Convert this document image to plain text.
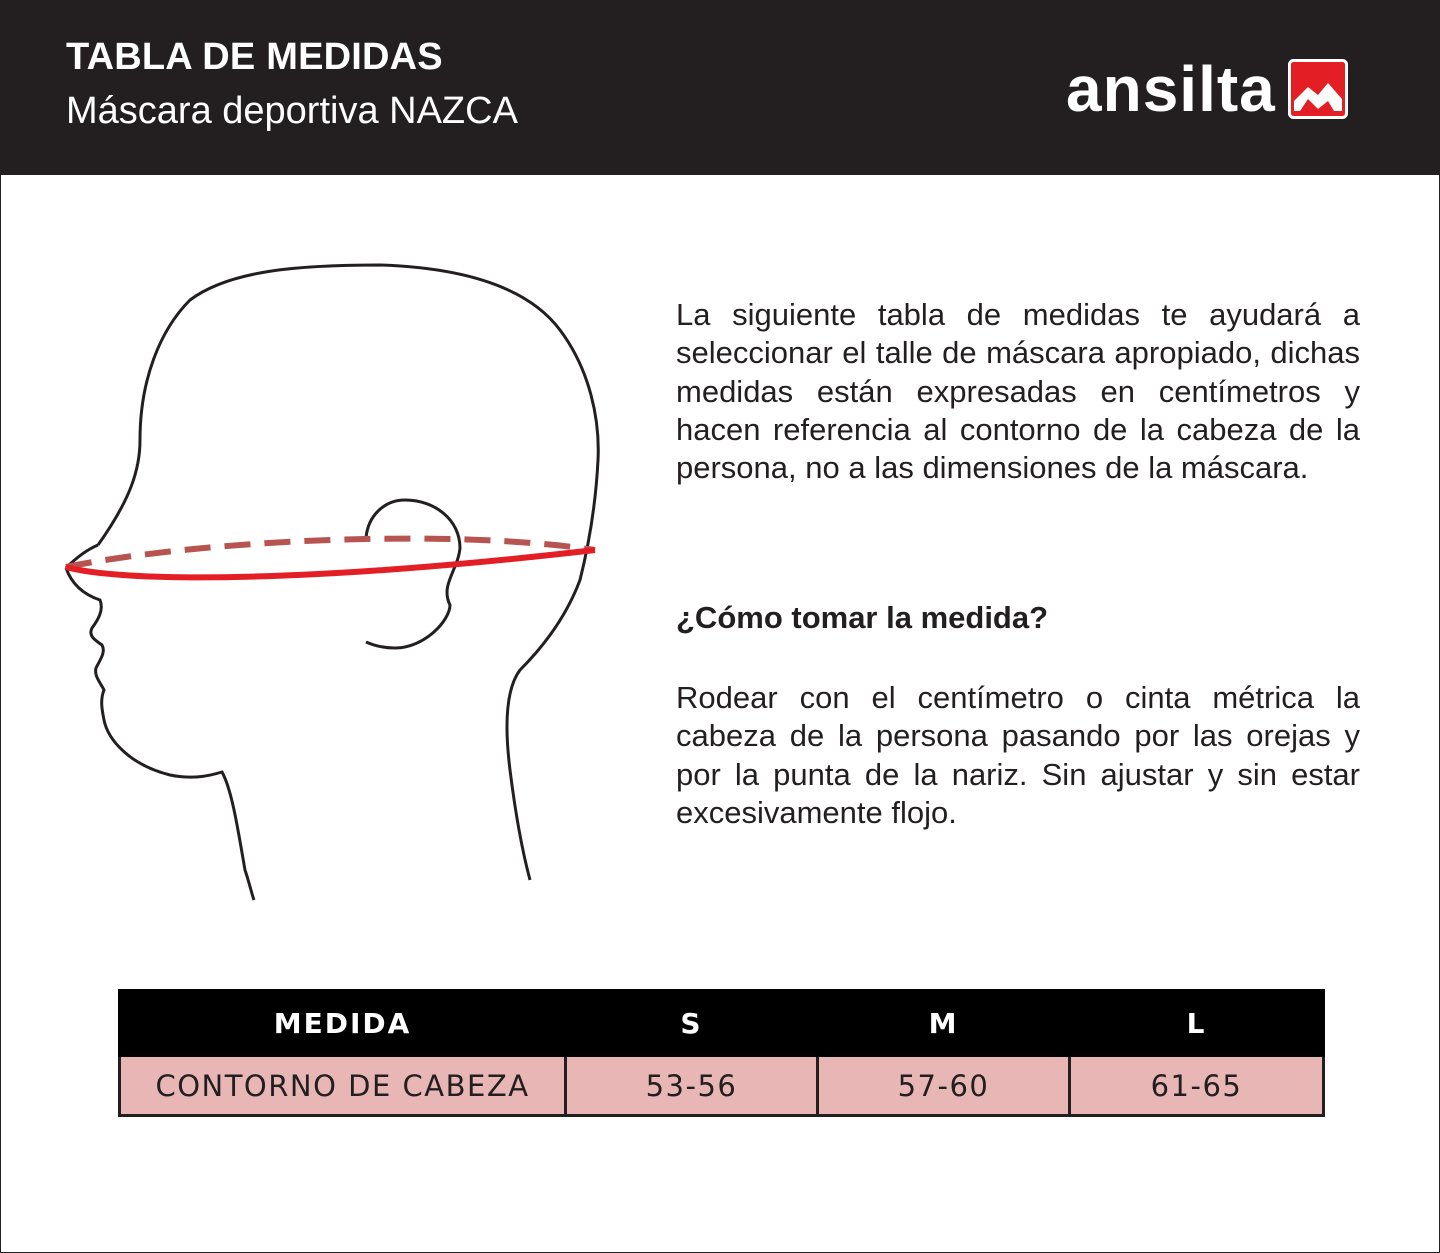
TABLA DE MEDIDAS
Máscara deportiva NAZCA	ansilta

La siguiente tabla de medidas te ayudará a seleccionar el talle de máscara apropiado, dichas medidas están expresadas en centímetros y hacen referencia al contorno de la cabeza de la persona, no a las dimensiones de la máscara.

¿Cómo tomar la medida?

Rodear con el centímetro o cinta métrica la cabeza de la persona pasando por las orejas y por la punta de la nariz. Sin ajustar y sin estar excesivamente flojo.

MEDIDA	S	M	L
CONTORNO DE CABEZA	53-56	57-60	61-65
